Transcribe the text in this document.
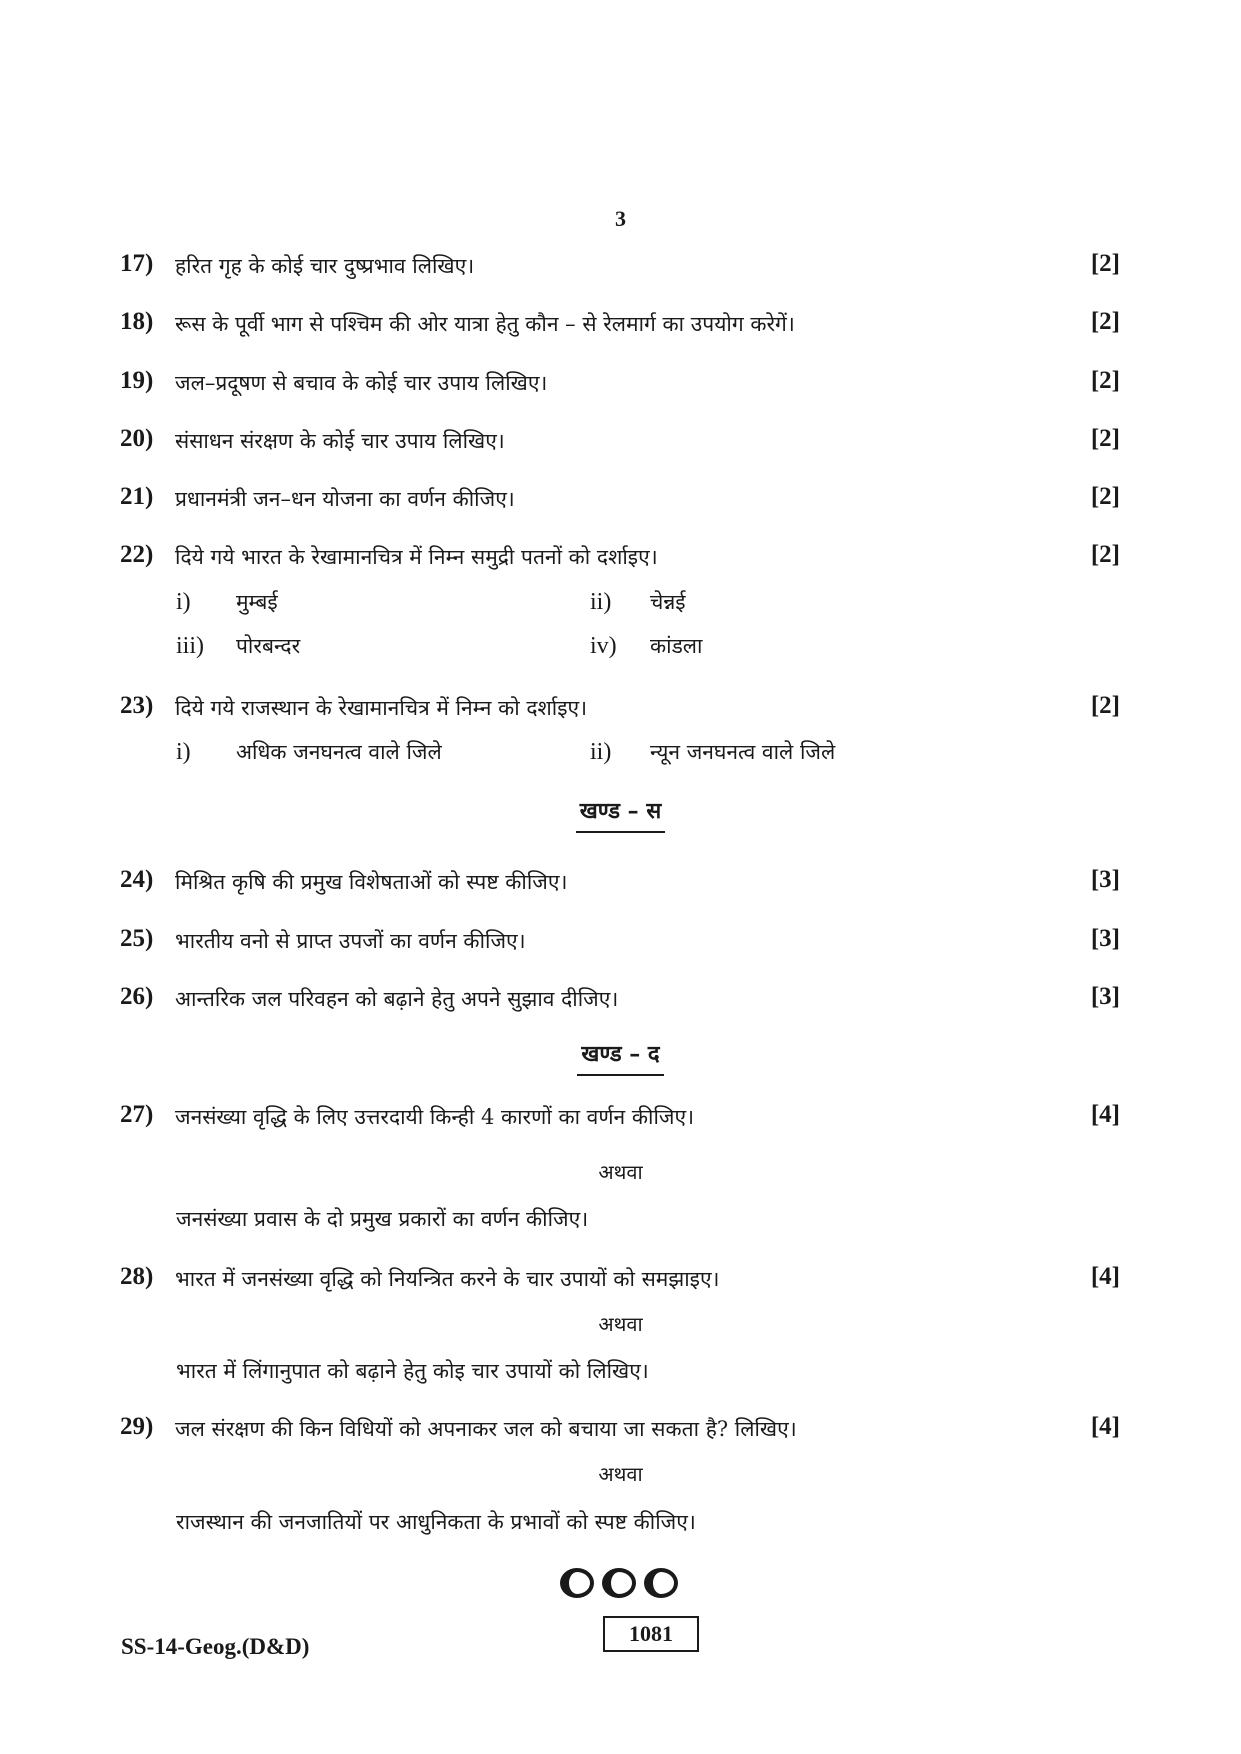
3
17) हरित गृह के कोई चार दुष्प्रभाव लिखिए।	[2]
18) रूस के पूर्वी भाग से पश्चिम की ओर यात्रा हेतु कौन – से रेलमार्ग का उपयोग करेगें।	[2]
19) जल–प्रदूषण से बचाव के कोई चार उपाय लिखिए।	[2]
20) संसाधन संरक्षण के कोई चार उपाय लिखिए।	[2]
21) प्रधानमंत्री जन–धन योजना का वर्णन कीजिए।	[2]
22) दिये गये भारत के रेखामानचित्र में निम्न समुद्री पतनों को दर्शाइए।	[2]
i) मुम्बई	ii) चेन्नई
iii) पोरबन्दर	iv) कांडला
23) दिये गये राजस्थान के रेखामानचित्र में निम्न को दर्शाइए।	[2]
i) अधिक जनघनत्व वाले जिले	ii) न्यून जनघनत्व वाले जिले
खण्ड – स
24) मिश्रित कृषि की प्रमुख विशेषताओं को स्पष्ट कीजिए।	[3]
25) भारतीय वनो से प्राप्त उपजों का वर्णन कीजिए।	[3]
26) आन्तरिक जल परिवहन को बढ़ाने हेतु अपने सुझाव दीजिए।	[3]
खण्ड – द
27) जनसंख्या वृद्धि के लिए उत्तरदायी किन्ही 4 कारणों का वर्णन कीजिए।	[4]
अथवा
जनसंख्या प्रवास के दो प्रमुख प्रकारों का वर्णन कीजिए।
28) भारत में जनसंख्या वृद्धि को नियन्त्रित करने के चार उपायों को समझाइए।	[4]
अथवा
भारत में लिंगानुपात को बढ़ाने हेतु कोइ चार उपायों को लिखिए।
29) जल संरक्षण की किन विधियों को अपनाकर जल को बचाया जा सकता है? लिखिए।	[4]
अथवा
राजस्थान की जनजातियों पर आधुनिकता के प्रभावों को स्पष्ट कीजिए।
1081
SS-14-Geog.(D&D)
